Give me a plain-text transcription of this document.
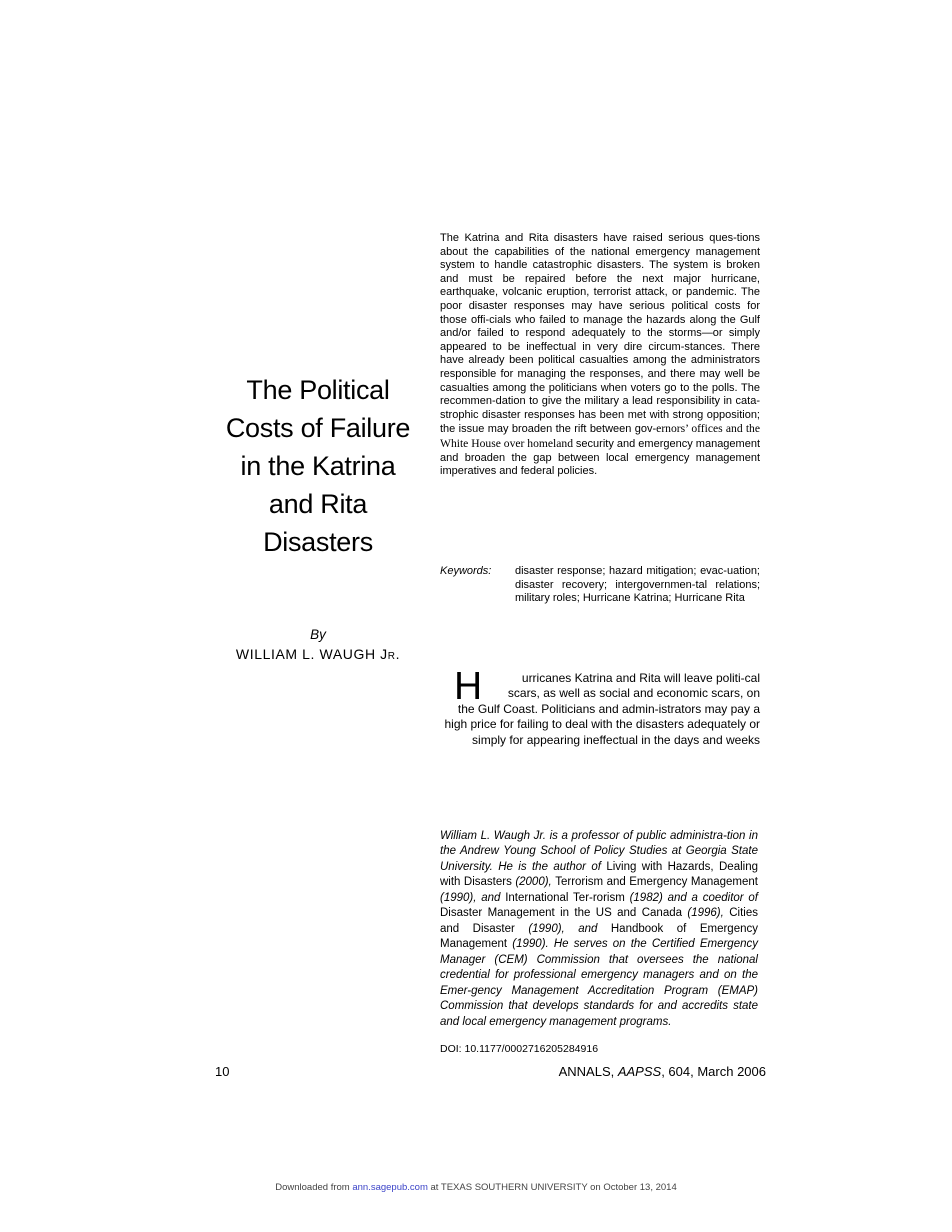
The Katrina and Rita disasters have raised serious ques-tions about the capabilities of the national emergency management system to handle catastrophic disasters. The system is broken and must be repaired before the next major hurricane, earthquake, volcanic eruption, terrorist attack, or pandemic. The poor disaster responses may have serious political costs for those offi-cials who failed to manage the hazards along the Gulf and/or failed to respond adequately to the storms—or simply appeared to be ineffectual in very dire circum-stances. There have already been political casualties among the administrators responsible for managing the responses, and there may well be casualties among the politicians when voters go to the polls. The recommen-dation to give the military a lead responsibility in cata-strophic disaster responses has been met with strong opposition; the issue may broaden the rift between gov-ernors’ offices and the White House over homeland security and emergency management and broaden the gap between local emergency management imperatives and federal policies.

Keywords:	disaster response; hazard mitigation; evac-uation; disaster recovery; intergovernmen-tal relations; military roles; Hurricane Katrina; Hurricane Rita
The Political
Costs of Failure
in the Katrina
and Rita
Disasters
By
WILLIAM L. WAUGH Jr.
H	urricanes Katrina and Rita will leave politi-cal scars, as well as social and economic scars, on the Gulf Coast. Politicians and admin-istrators may pay a high price for failing to deal with the disasters adequately or simply for appearing ineffectual in the days and weeks

William L. Waugh Jr. is a professor of public administra-tion in the Andrew Young School of Policy Studies at Georgia State University. He is the author of Living with Hazards, Dealing with Disasters (2000), Terrorism and Emergency Management (1990), and International Ter-rorism (1982) and a coeditor of Disaster Management in the US and Canada (1996), Cities and Disaster (1990), and Handbook of Emergency Management (1990). He serves on the Certified Emergency Manager (CEM) Commission that oversees the national credential for professional emergency managers and on the Emer-gency Management Accreditation Program (EMAP) Commission that develops standards for and accredits state and local emergency management programs.

DOI: 10.1177/0002716205284916
10	ANNALS, AAPSS, 604, March 2006
Downloaded from ann.sagepub.com at TEXAS SOUTHERN UNIVERSITY on October 13, 2014
